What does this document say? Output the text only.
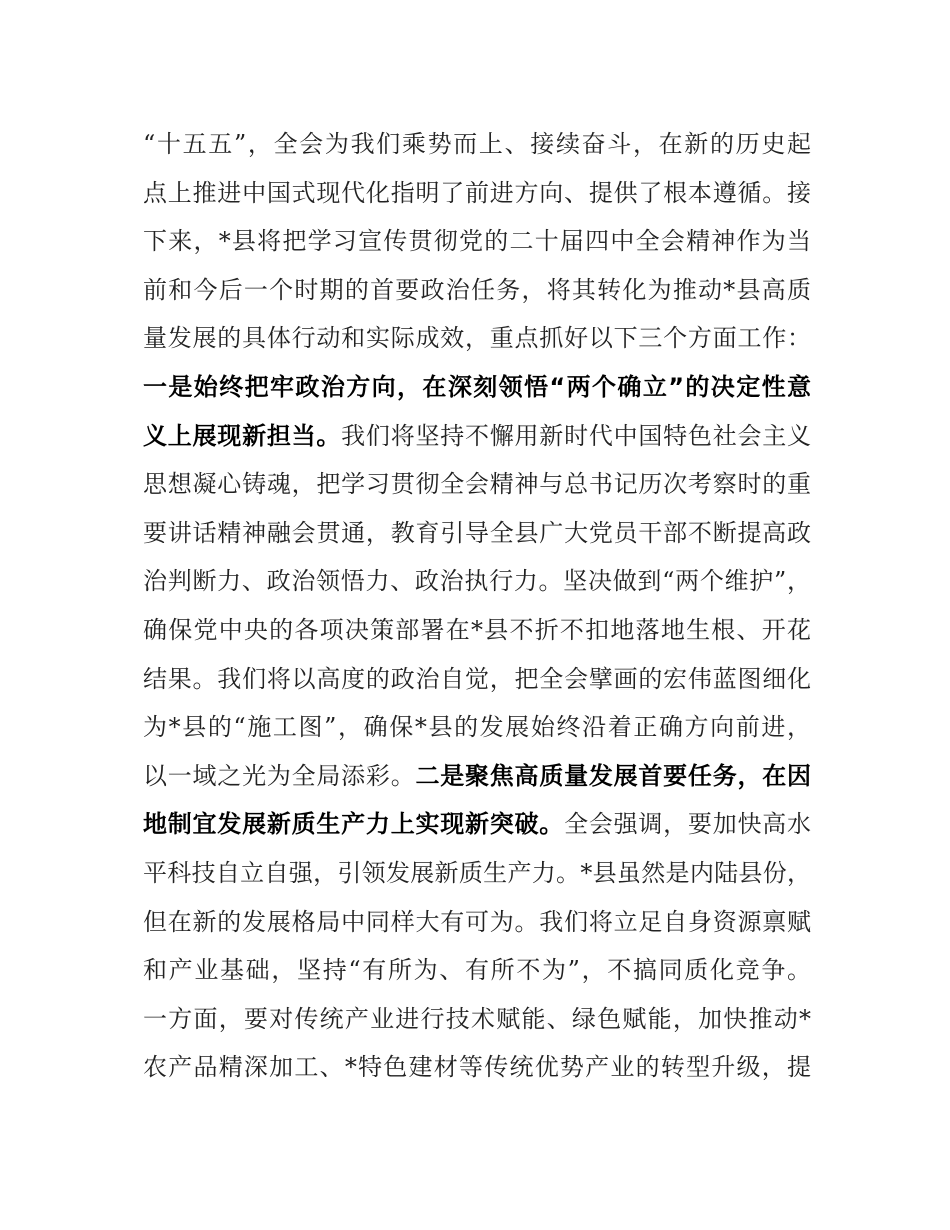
“十五五”，全会为我们乘势而上、接续奋斗，在新的历史起
点上推进中国式现代化指明了前进方向、提供了根本遵循。接
下来，*县将把学习宣传贯彻党的二十届四中全会精神作为当
前和今后一个时期的首要政治任务，将其转化为推动*县高质
量发展的具体行动和实际成效，重点抓好以下三个方面工作：
一是始终把牢政治方向，在深刻领悟“两个确立”的决定性意
义上展现新担当。我们将坚持不懈用新时代中国特色社会主义
思想凝心铸魂，把学习贯彻全会精神与总书记历次考察时的重
要讲话精神融会贯通，教育引导全县广大党员干部不断提高政
治判断力、政治领悟力、政治执行力。坚决做到“两个维护”，
确保党中央的各项决策部署在*县不折不扣地落地生根、开花
结果。我们将以高度的政治自觉，把全会擘画的宏伟蓝图细化
为*县的“施工图”，确保*县的发展始终沿着正确方向前进，
以一域之光为全局添彩。二是聚焦高质量发展首要任务，在因
地制宜发展新质生产力上实现新突破。全会强调，要加快高水
平科技自立自强，引领发展新质生产力。*县虽然是内陆县份，
但在新的发展格局中同样大有可为。我们将立足自身资源禀赋
和产业基础，坚持“有所为、有所不为”，不搞同质化竞争。
一方面，要对传统产业进行技术赋能、绿色赋能，加快推动*
农产品精深加工、*特色建材等传统优势产业的转型升级，提
